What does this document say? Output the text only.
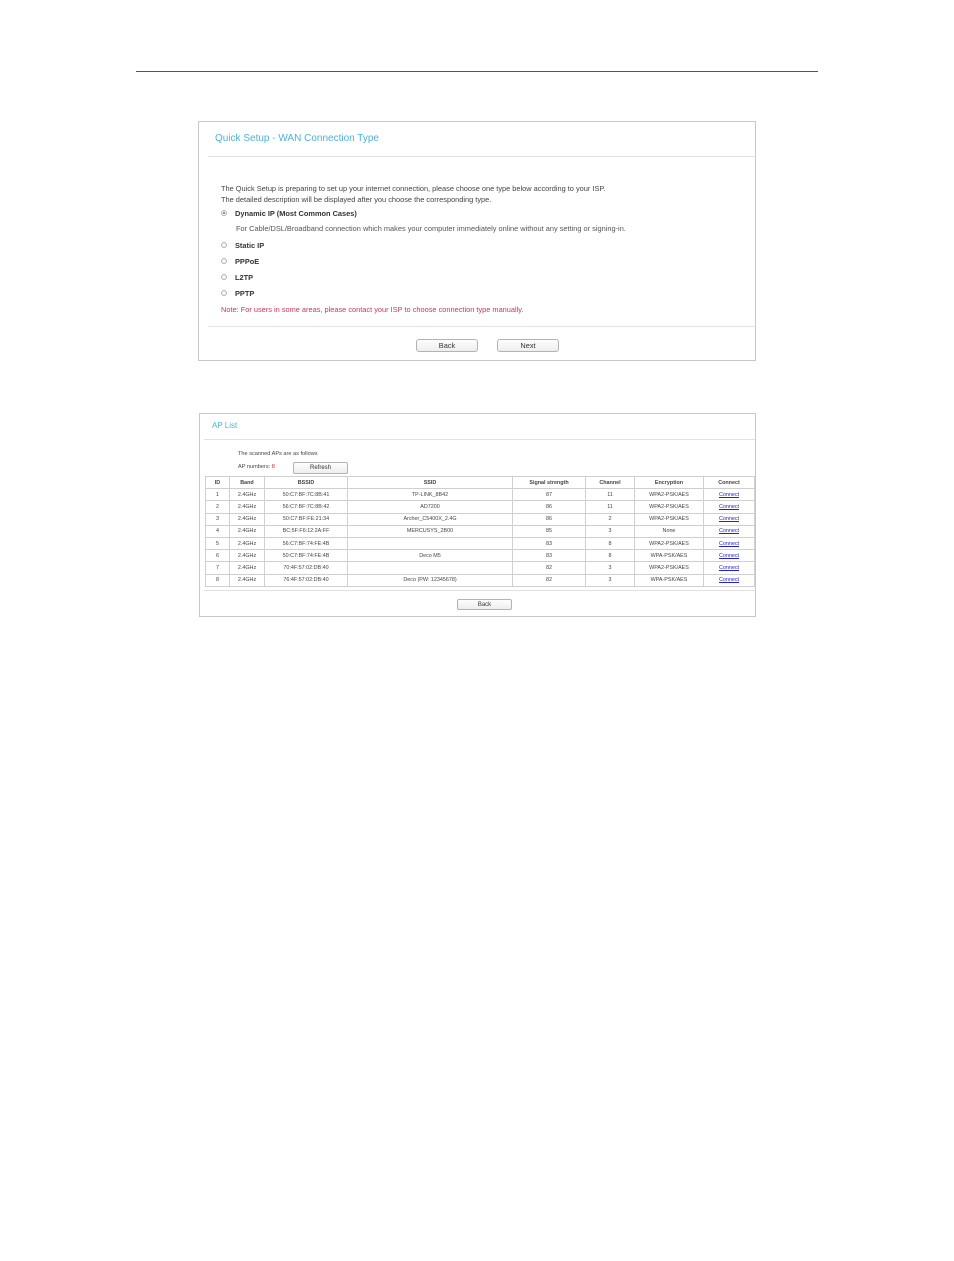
Quick Setup - WAN Connection Type
The Quick Setup is preparing to set up your internet connection, please choose one type below according to your ISP.
The detailed description will be displayed after you choose the corresponding type.
Dynamic IP (Most Common Cases)
For Cable/DSL/Broadband connection which makes your computer immediately online without any setting or signing-in.
Static IP
PPPoE
L2TP
PPTP
Note: For users in some areas, please contact your ISP to choose connection type manually.
Back	Next
AP List
The scanned APs are as follows
AP numbers: 8	Refresh
ID	Band	BSSID	SSID	Signal strength	Channel	Encryption	Connect
1	2.4GHz	50:C7:BF:7C:8B:41	TP-LINK_8B42	87	11	WPA2-PSK/AES	Connect
2	2.4GHz	56:C7:BF:7C:8B:42	AD7200	86	11	WPA2-PSK/AES	Connect
3	2.4GHz	50:C7:BF:FE:21:34	Archer_C5400X_2.4G	86	2	WPA2-PSK/AES	Connect
4	2.4GHz	BC:5F:F6:12:2A:FF	MERCUSYS_2B00	85	3	None	Connect
5	2.4GHz	56:C7:BF:74:FE:4B		83	8	WPA2-PSK/AES	Connect
6	2.4GHz	50:C7:BF:74:FE:4B	Deco M5	83	8	WPA-PSK/AES	Connect
7	2.4GHz	70:4F:57:02:DB:40		82	3	WPA2-PSK/AES	Connect
8	2.4GHz	76:4F:57:02:DB:40	Deco (PW: 12345678)	82	3	WPA-PSK/AES	Connect
Back
